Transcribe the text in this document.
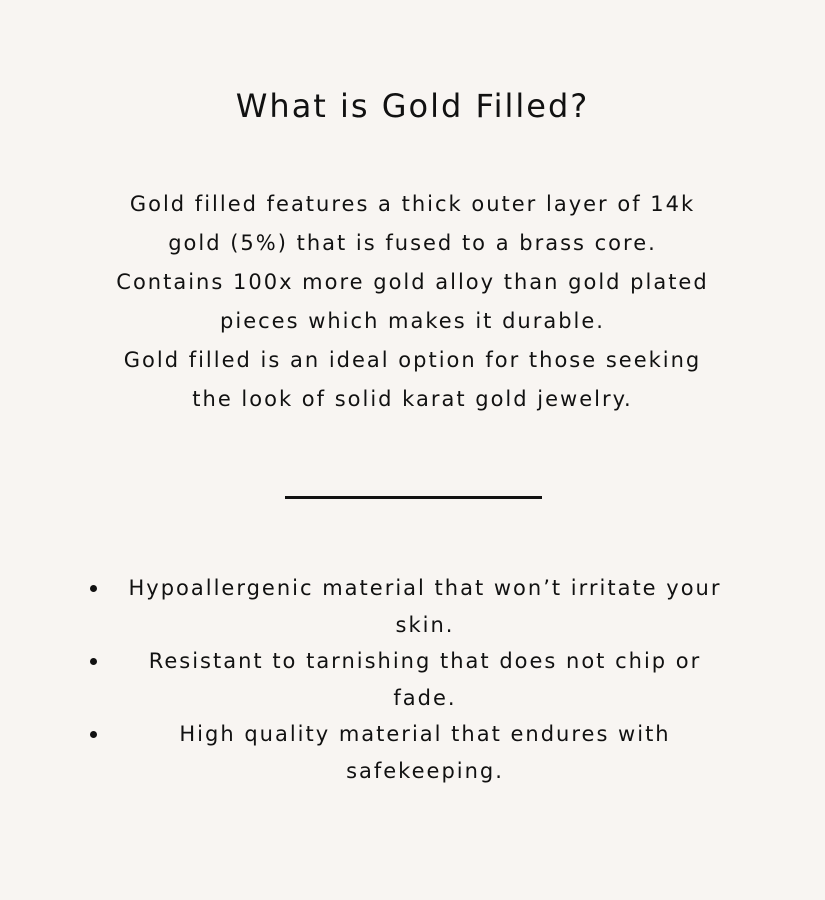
What is Gold Filled?

Gold filled features a thick outer layer of 14k gold (5%) that is fused to a brass core.

Contains 100x more gold alloy than gold plated pieces which makes it durable.

Gold filled is an ideal option for those seeking the look of solid karat gold jewelry.

Hypoallergenic material that won’t irritate your skin.
Resistant to tarnishing that does not chip or fade.
High quality material that endures with safekeeping.
